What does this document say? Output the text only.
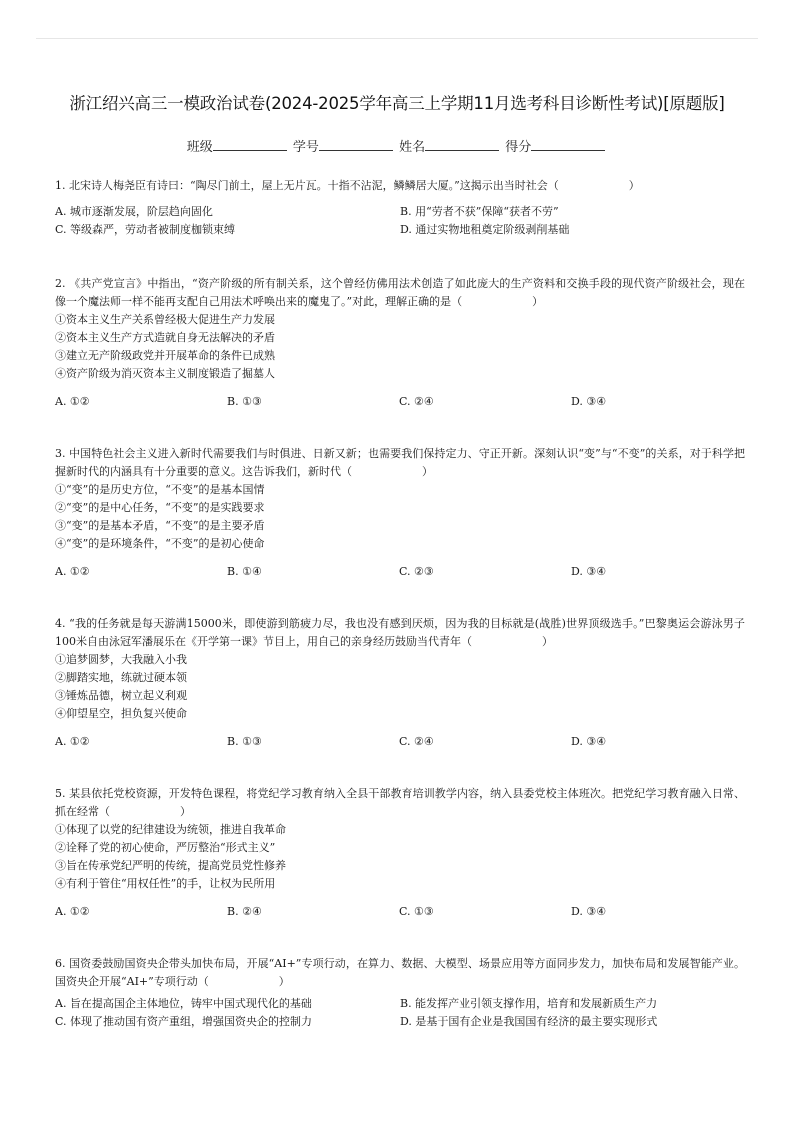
浙江绍兴高三一模政治试卷(2024-2025学年高三上学期11月选考科目诊断性考试)[原题版]
班级	学号	姓名	得分
1. 北宋诗人梅尧臣有诗曰：“陶尽门前土，屋上无片瓦。十指不沾泥，鳞鳞居大厦。”这揭示出当时社会（	）
A. 城市逐渐发展，阶层趋向固化	B. 用“劳者不获”保障“获者不劳”
C. 等级森严，劳动者被制度枷锁束缚	D. 通过实物地租奠定阶级剥削基础
2. 《共产党宣言》中指出，“资产阶级的所有制关系，这个曾经仿佛用法术创造了如此庞大的生产资料和交换手段的现代资产阶级社会，现在像一个魔法师一样不能再支配自己用法术呼唤出来的魔鬼了。”对此，理解正确的是（	）
①资本主义生产关系曾经极大促进生产力发展
②资本主义生产方式造就自身无法解决的矛盾
③建立无产阶级政党并开展革命的条件已成熟
④资产阶级为消灭资本主义制度锻造了掘墓人
A. ①②	B. ①③	C. ②④	D. ③④
3. 中国特色社会主义进入新时代需要我们与时俱进、日新又新；也需要我们保持定力、守正开新。深刻认识“变”与“不变”的关系，对于科学把握新时代的内涵具有十分重要的意义。这告诉我们，新时代（	）
①“变”的是历史方位，“不变”的是基本国情
②“变”的是中心任务，“不变”的是实践要求
③“变”的是基本矛盾，“不变”的是主要矛盾
④“变”的是环境条件，“不变”的是初心使命
A. ①②	B. ①④	C. ②③	D. ③④
4. “我的任务就是每天游满15000米，即使游到筋疲力尽，我也没有感到厌烦，因为我的目标就是(战胜)世界顶级选手。”巴黎奥运会游泳男子100米自由泳冠军潘展乐在《开学第一课》节目上，用自己的亲身经历鼓励当代青年（	）
①追梦圆梦，大我融入小我
②脚踏实地，练就过硬本领
③锤炼品德，树立起义利观
④仰望星空，担负复兴使命
A. ①②	B. ①③	C. ②④	D. ③④
5. 某县依托党校资源，开发特色课程，将党纪学习教育纳入全县干部教育培训教学内容，纳入县委党校主体班次。把党纪学习教育融入日常、抓在经常（	）
①体现了以党的纪律建设为统领，推进自我革命
②诠释了党的初心使命，严厉整治“形式主义”
③旨在传承党纪严明的传统，提高党员党性修养
④有利于管住“用权任性”的手，让权为民所用
A. ①②	B. ②④	C. ①③	D. ③④
6. 国资委鼓励国资央企带头加快布局，开展“AI+”专项行动，在算力、数据、大模型、场景应用等方面同步发力，加快布局和发展智能产业。国资央企开展“AI+”专项行动（	）
A. 旨在提高国企主体地位，铸牢中国式现代化的基础	B. 能发挥产业引领支撑作用，培育和发展新质生产力
C. 体现了推动国有资产重组，增强国资央企的控制力	D. 是基于国有企业是我国国有经济的最主要实现形式
